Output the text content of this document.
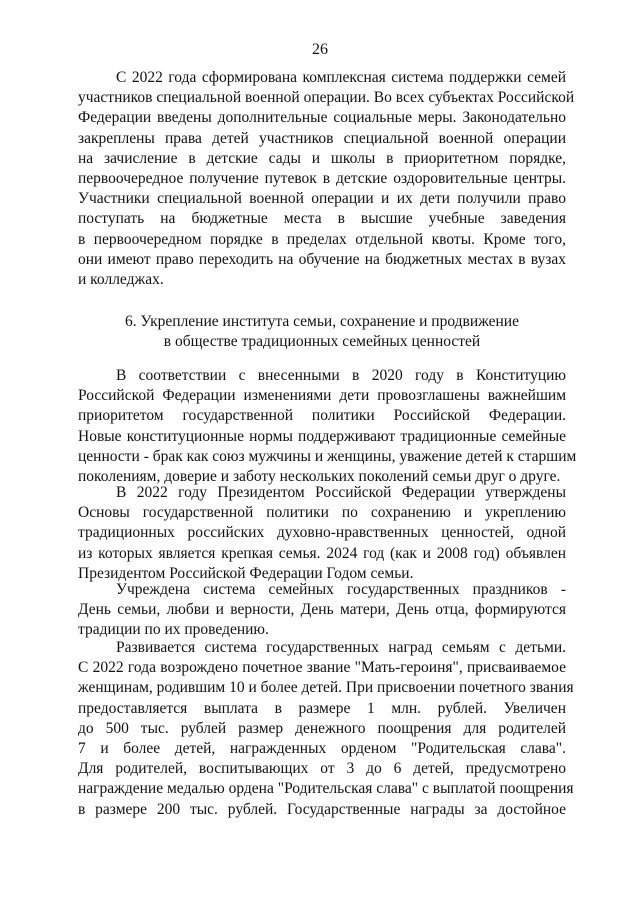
26
С 2022 года сформирована комплексная система поддержки семей
участников специальной военной операции. Во всех субъектах Российской
Федерации введены дополнительные социальные меры. Законодательно
закреплены права детей участников специальной военной операции
на зачисление в детские сады и школы в приоритетном порядке,
первоочередное получение путевок в детские оздоровительные центры.
Участники специальной военной операции и их дети получили право
поступать на бюджетные места в высшие учебные заведения
в первоочередном порядке в пределах отдельной квоты. Кроме того,
они имеют право переходить на обучение на бюджетных местах в вузах
и колледжах.
6. Укрепление института семьи, сохранение и продвижение
в обществе традиционных семейных ценностей
В соответствии с внесенными в 2020 году в Конституцию
Российской Федерации изменениями дети провозглашены важнейшим
приоритетом государственной политики Российской Федерации.
Новые конституционные нормы поддерживают традиционные семейные
ценности - брак как союз мужчины и женщины, уважение детей к старшим
поколениям, доверие и заботу нескольких поколений семьи друг о друге.
В 2022 году Президентом Российской Федерации утверждены
Основы государственной политики по сохранению и укреплению
традиционных российских духовно-нравственных ценностей, одной
из которых является крепкая семья. 2024 год (как и 2008 год) объявлен
Президентом Российской Федерации Годом семьи.
Учреждена система семейных государственных праздников -
День семьи, любви и верности, День матери, День отца, формируются
традиции по их проведению.
Развивается система государственных наград семьям с детьми.
С 2022 года возрождено почетное звание "Мать-героиня", присваиваемое
женщинам, родившим 10 и более детей. При присвоении почетного звания
предоставляется выплата в размере 1 млн. рублей. Увеличен
до 500 тыс. рублей размер денежного поощрения для родителей
7 и более детей, награжденных орденом "Родительская слава".
Для родителей, воспитывающих от 3 до 6 детей, предусмотрено
награждение медалью ордена "Родительская слава" с выплатой поощрения
в размере 200 тыс. рублей. Государственные награды за достойное
